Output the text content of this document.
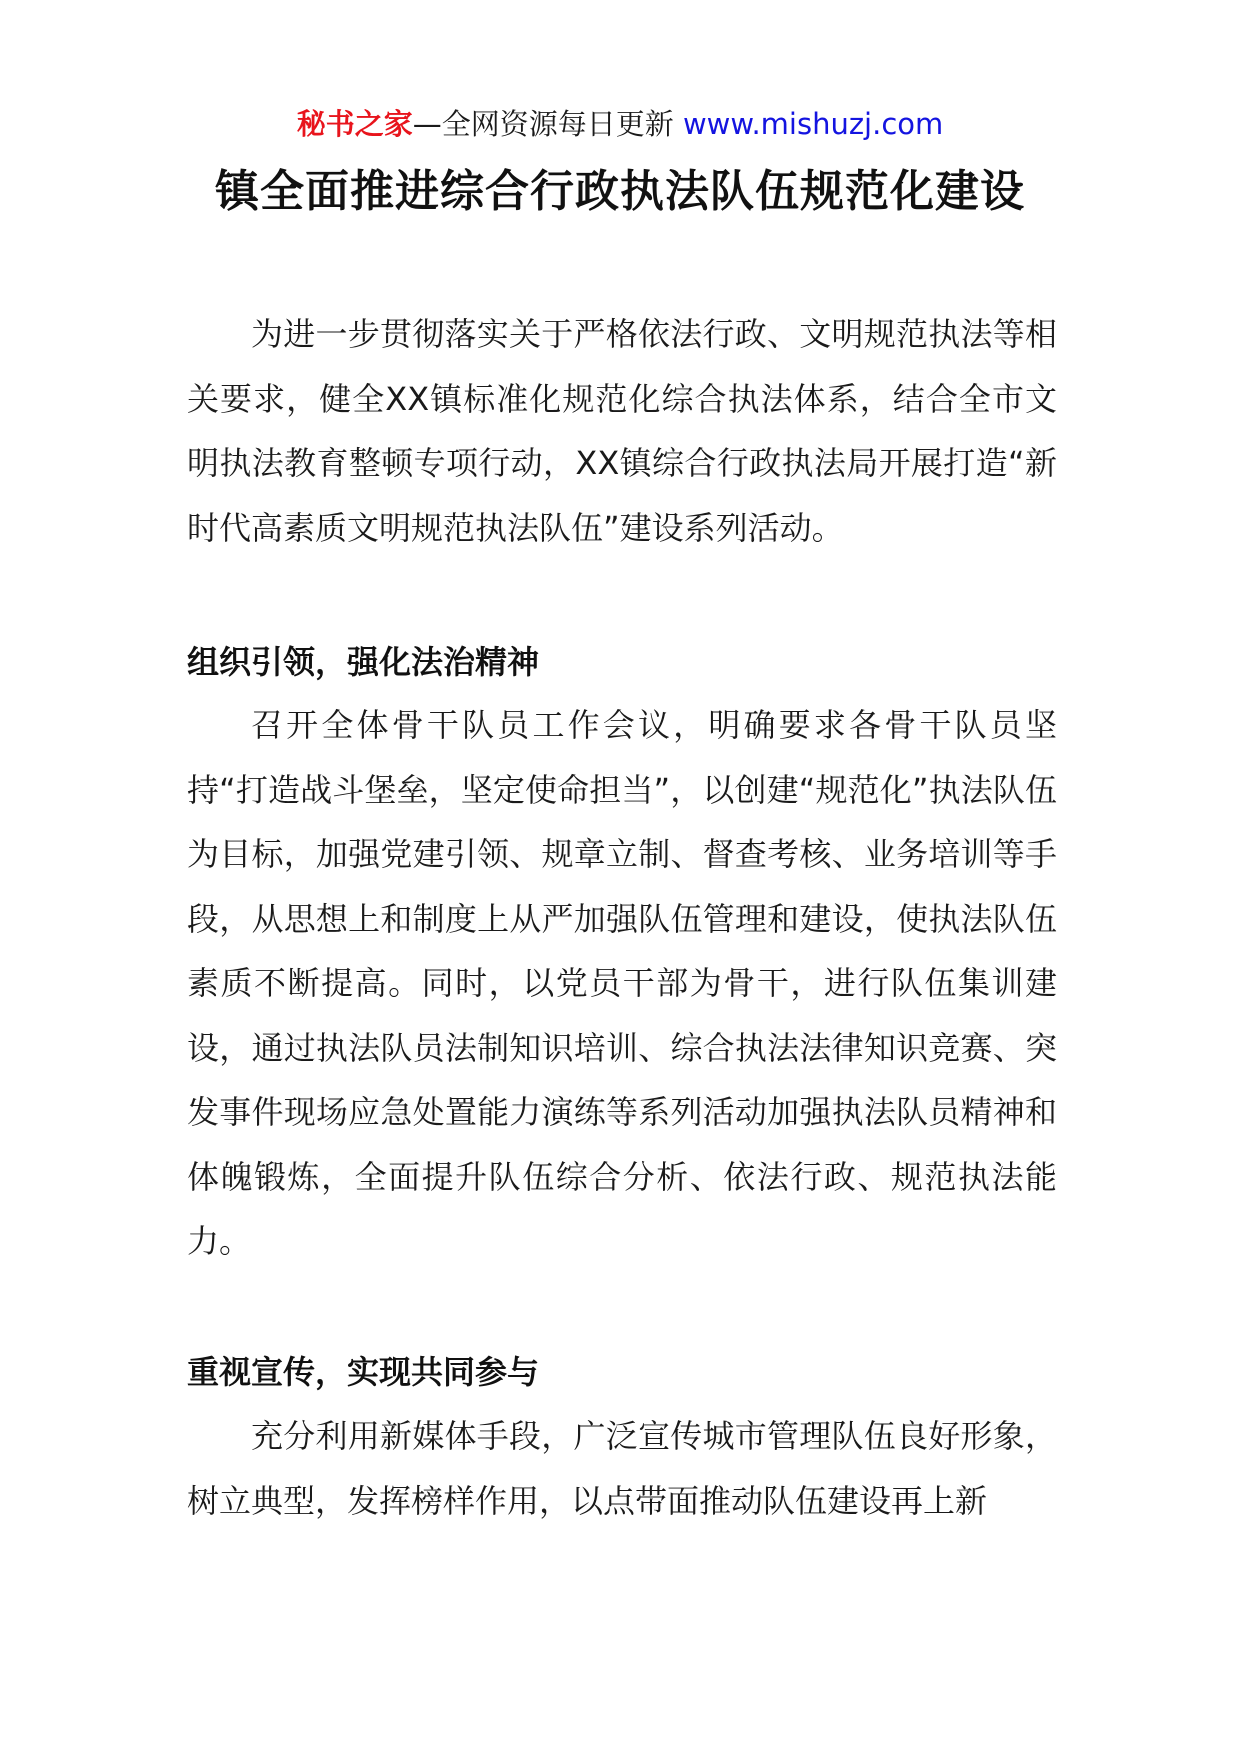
秘书之家—全网资源每日更新 www.mishuzj.com
镇全面推进综合行政执法队伍规范化建设

为进一步贯彻落实关于严格依法行政、文明规范执法等相关要求，健全XX镇标准化规范化综合执法体系，结合全市文明执法教育整顿专项行动，XX镇综合行政执法局开展打造“新时代高素质文明规范执法队伍”建设系列活动。

组织引领，强化法治精神

召开全体骨干队员工作会议，明确要求各骨干队员坚持“打造战斗堡垒，坚定使命担当”，以创建“规范化”执法队伍为目标，加强党建引领、规章立制、督查考核、业务培训等手段，从思想上和制度上从严加强队伍管理和建设，使执法队伍素质不断提高。同时，以党员干部为骨干，进行队伍集训建设，通过执法队员法制知识培训、综合执法法律知识竞赛、突发事件现场应急处置能力演练等系列活动加强执法队员精神和体魄锻炼，全面提升队伍综合分析、依法行政、规范执法能力。

重视宣传，实现共同参与

充分利用新媒体手段，广泛宣传城市管理队伍良好形象，树立典型，发挥榜样作用，以点带面推动队伍建设再上新
